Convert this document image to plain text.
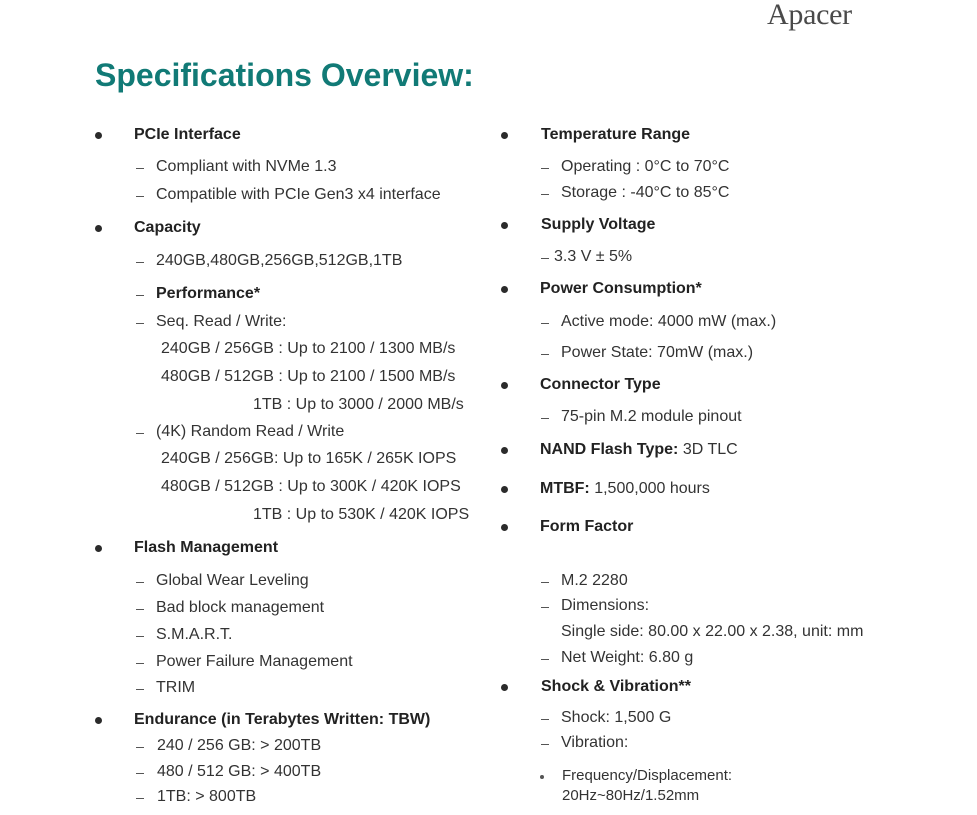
Apacer
Specifications Overview:
PCIe Interface
Compliant with NVMe 1.3
Compatible with PCIe Gen3 x4 interface
Capacity
240GB,480GB,256GB,512GB,1TB
Performance*
Seq. Read / Write:
240GB / 256GB : Up to 2100 / 1300 MB/s
480GB / 512GB : Up to 2100 / 1500 MB/s
1TB : Up to 3000 / 2000 MB/s
(4K) Random Read / Write
240GB / 256GB: Up to 165K / 265K IOPS
480GB / 512GB : Up to 300K / 420K IOPS
1TB : Up to 530K / 420K IOPS
Flash Management
Global Wear Leveling
Bad block management
S.M.A.R.T.
Power Failure Management
TRIM
Endurance (in Terabytes Written: TBW)
240 / 256 GB: > 200TB
480 / 512 GB: > 400TB
1TB: > 800TB
Temperature Range
Operating : 0°C to 70°C
Storage : -40°C to 85°C
Supply Voltage
3.3 V ± 5%
Power Consumption*
Active mode: 4000 mW (max.)
Power State: 70mW (max.)
Connector Type
75-pin M.2 module pinout
NAND Flash Type: 3D TLC
MTBF: 1,500,000 hours
Form Factor
M.2 2280
Dimensions:
Single side: 80.00 x 22.00 x 2.38, unit: mm
Net Weight: 6.80 g
Shock & Vibration**
Shock: 1,500 G
Vibration:
Frequency/Displacement:
20Hz~80Hz/1.52mm
